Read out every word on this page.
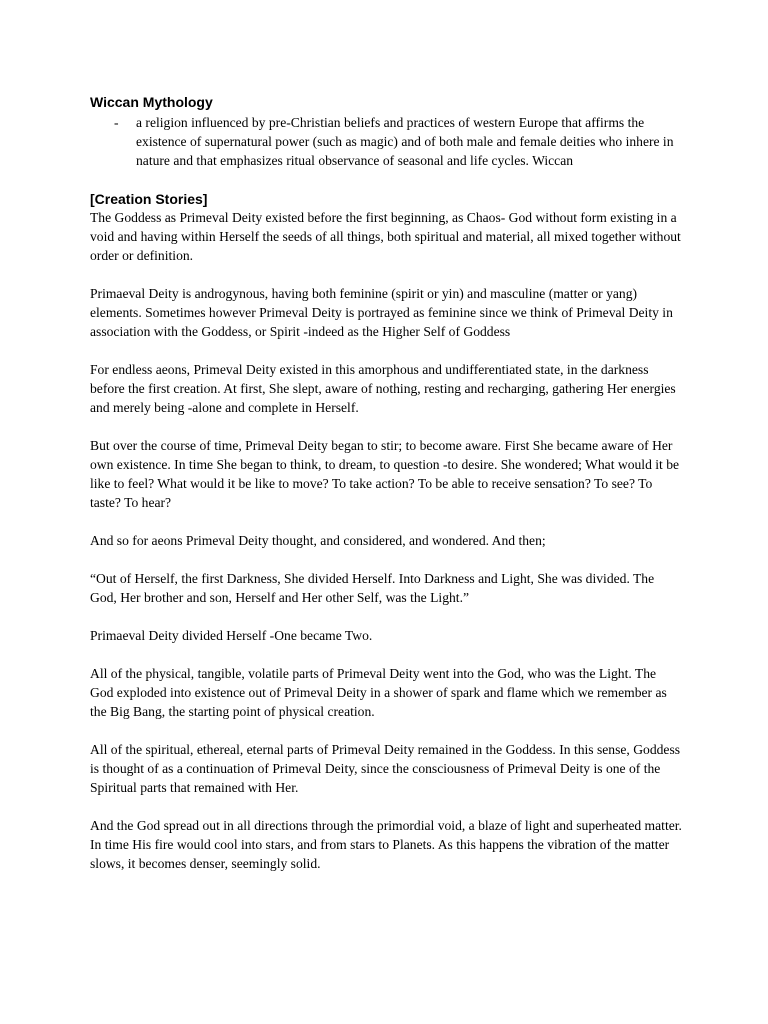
Wiccan Mythology
- a religion influenced by pre-Christian beliefs and practices of western Europe that affirms the existence of supernatural power (such as magic) and of both male and female deities who inhere in nature and that emphasizes ritual observance of seasonal and life cycles. Wiccan
[Creation Stories]

The Goddess as Primeval Deity existed before the first beginning, as Chaos- God without form existing in a void and having within Herself the seeds of all things, both spiritual and material, all mixed together without order or definition.

Primaeval Deity is androgynous, having both feminine (spirit or yin) and masculine (matter or yang) elements. Sometimes however Primeval Deity is portrayed as feminine since we think of Primeval Deity in association with the Goddess, or Spirit -indeed as the Higher Self of Goddess

For endless aeons, Primeval Deity existed in this amorphous and undifferentiated state, in the darkness before the first creation. At first, She slept, aware of nothing, resting and recharging, gathering Her energies and merely being -alone and complete in Herself.

But over the course of time, Primeval Deity began to stir; to become aware. First She became aware of Her own existence. In time She began to think, to dream, to question -to desire. She wondered; What would it be like to feel? What would it be like to move? To take action? To be able to receive sensation? To see? To taste? To hear?

And so for aeons Primeval Deity thought, and considered, and wondered. And then;

“Out of Herself, the first Darkness, She divided Herself. Into Darkness and Light, She was divided. The God, Her brother and son, Herself and Her other Self, was the Light.”

Primaeval Deity divided Herself -One became Two.

All of the physical, tangible, volatile parts of Primeval Deity went into the God, who was the Light. The God exploded into existence out of Primeval Deity in a shower of spark and flame which we remember as the Big Bang, the starting point of physical creation.

All of the spiritual, ethereal, eternal parts of Primeval Deity remained in the Goddess. In this sense, Goddess is thought of as a continuation of Primeval Deity, since the consciousness of Primeval Deity is one of the Spiritual parts that remained with Her.

And the God spread out in all directions through the primordial void, a blaze of light and superheated matter. In time His fire would cool into stars, and from stars to Planets. As this happens the vibration of the matter slows, it becomes denser, seemingly solid.
